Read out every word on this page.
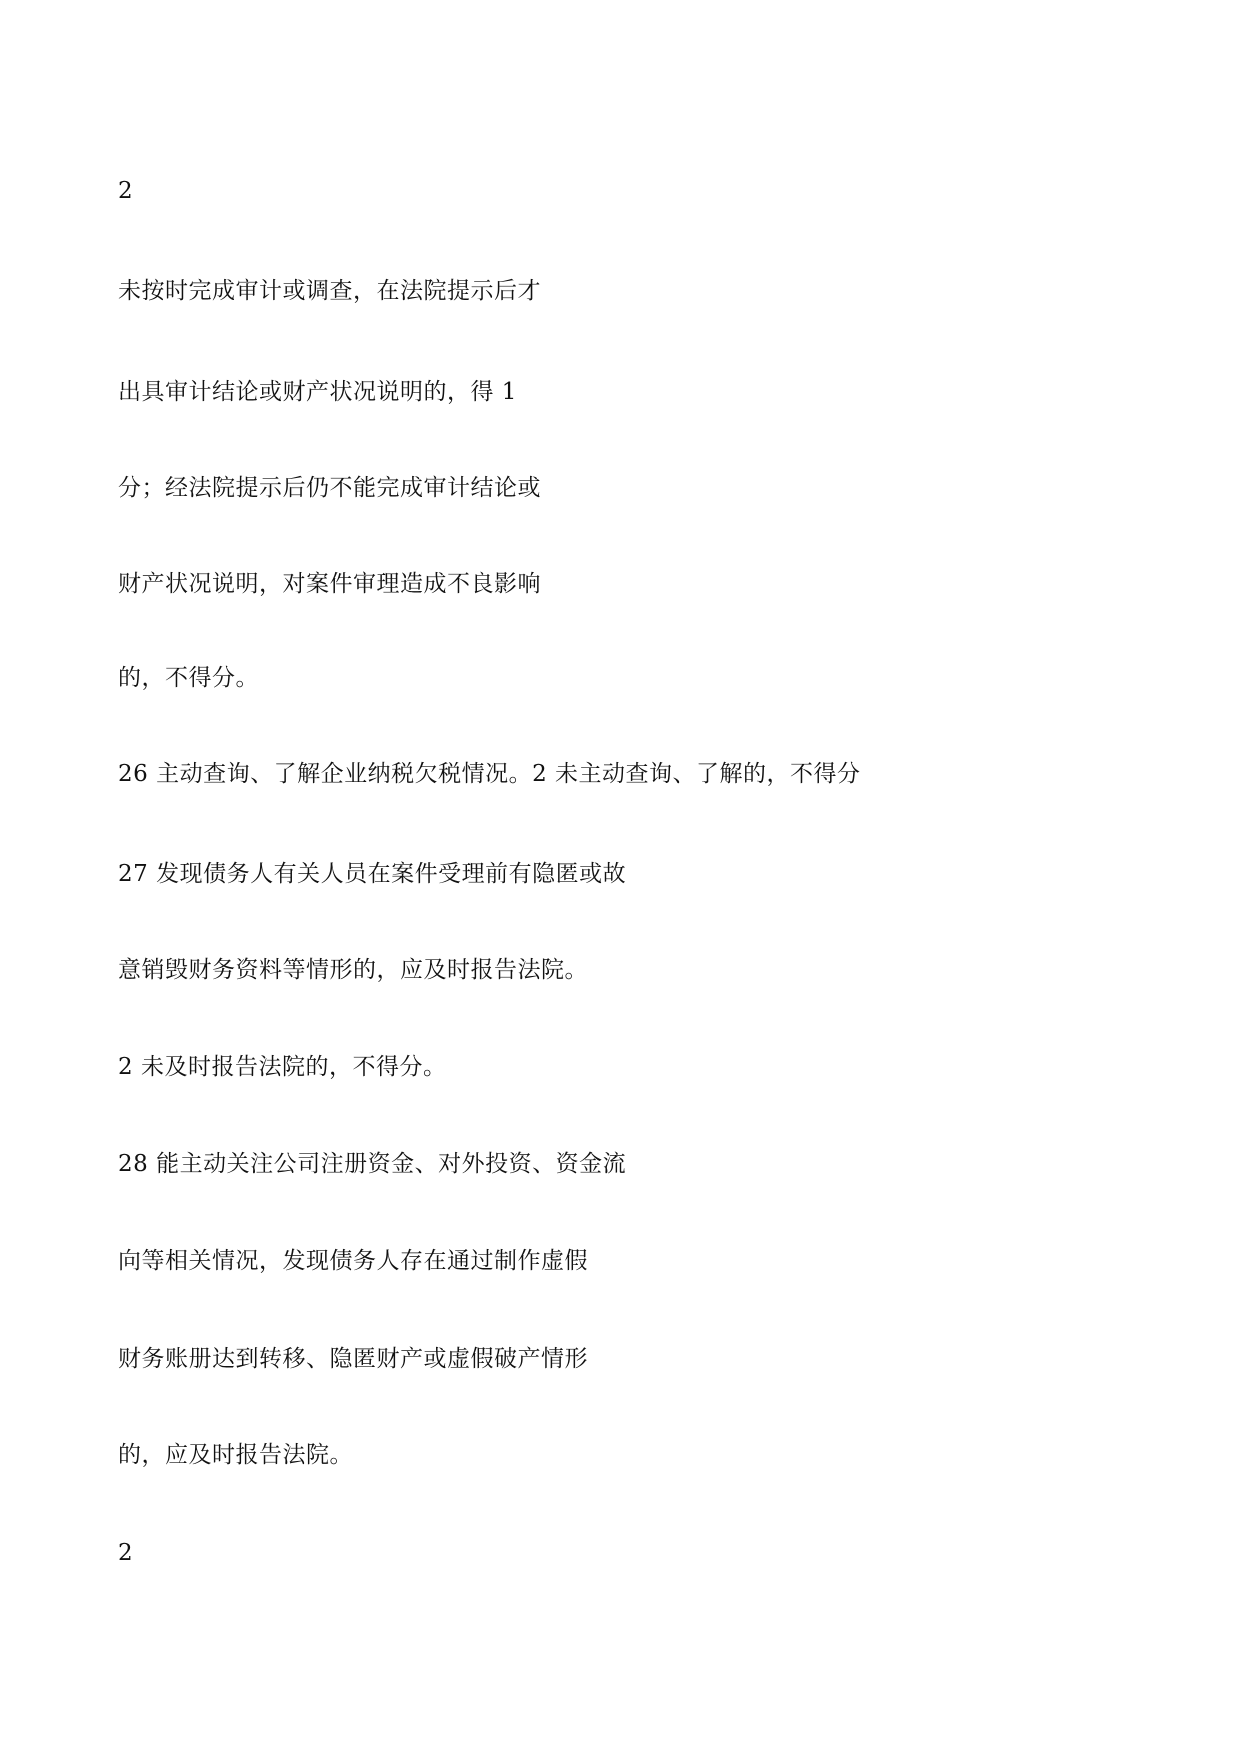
2
未按时完成审计或调查，在法院提示后才
出具审计结论或财产状况说明的，得 1
分；经法院提示后仍不能完成审计结论或
财产状况说明，对案件审理造成不良影响
的，不得分。
26 主动查询、了解企业纳税欠税情况。2 未主动查询、了解的，不得分
27 发现债务人有关人员在案件受理前有隐匿或故
意销毁财务资料等情形的，应及时报告法院。
2 未及时报告法院的，不得分。
28 能主动关注公司注册资金、对外投资、资金流
向等相关情况，发现债务人存在通过制作虚假
财务账册达到转移、隐匿财产或虚假破产情形
的，应及时报告法院。
2
